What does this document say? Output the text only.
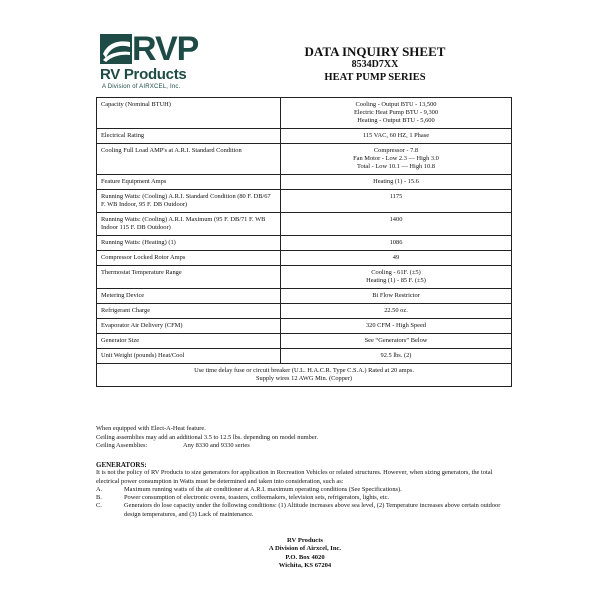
RVP
RV Products
A Division of AIRXCEL, Inc.
DATA INQUIRY SHEET
8534D7XX
HEAT PUMP SERIES
Capacity (Nominal BTUH)	Cooling - Output BTU - 13,500
Electric Heat Pump BTU - 9,300
Heating - Output BTU - 5,600

Electrical Rating	115 VAC, 60 HZ, 1 Phase

Cooling Full Load AMP's at A.R.I. Standard Condition	Compressor - 7.8
Fan Motor - Low 2.3 — High 3.0
Total - Low 10.1 — High 10.8

Feature Equipment Amps	Heating (1) - 15.6

Running Watts: (Cooling) A.R.I. Standard Condition (80 F. DB/67 F. WB Indoor, 95 F. DB Outdoor)	1175

Running Watts: (Cooling) A.R.I. Maximum (95 F. DB/71 F. WB Indoor 115 F. DB Outdoor)	1400

Running Watts: (Heating) (1)	1086

Compressor Locked Rotor Amps	49

Thermostat Temperature Range	Cooling - 61F. (±5)
Heating (1) - 85 F. (±5)

Metering Device	Bi Flow Restrictor

Refrigerant Charge	22.50 oz.

Evaporator Air Delivery (CFM)	320 CFM - High Speed

Generator Size	See “Generators” Below

Unit Weight (pounds) Heat/Cool	92.5 lbs. (2)

Use time delay fuse or circuit breaker (U.L. H.A.C.R. Type C.S.A.) Rated at 20 amps.
Supply wires 12 AWG Min. (Copper)	
When equipped with Elect-A-Heat feature.
Ceiling assemblies may add an additional 3.5 to 12.5 lbs. depending on model number.
Ceiling Assemblies:	Any 8330 and 9330 series
GENERATORS:
It is not the policy of RV Products to size generators for application in Recreation Vehicles or related structures. However, when sizing generators, the total electrical power consumption in Watts must be determined and taken into consideration, such as:
A.	Maximum running watts of the air conditioner at A.R.I. maximum operating conditions (See Specifications).
B.	Power consumption of electronic ovens, toasters, coffeemakers, television sets, refrigerators, lights, etc.
C.	Generators do lose capacity under the following conditions: (1) Altitude increases above sea level, (2) Temperature increases above certain outdoor design temperatures, and (3) Lack of maintenance.
RV Products
A Division of Airxcel, Inc.
P.O. Box 4020
Wichita, KS 67204
